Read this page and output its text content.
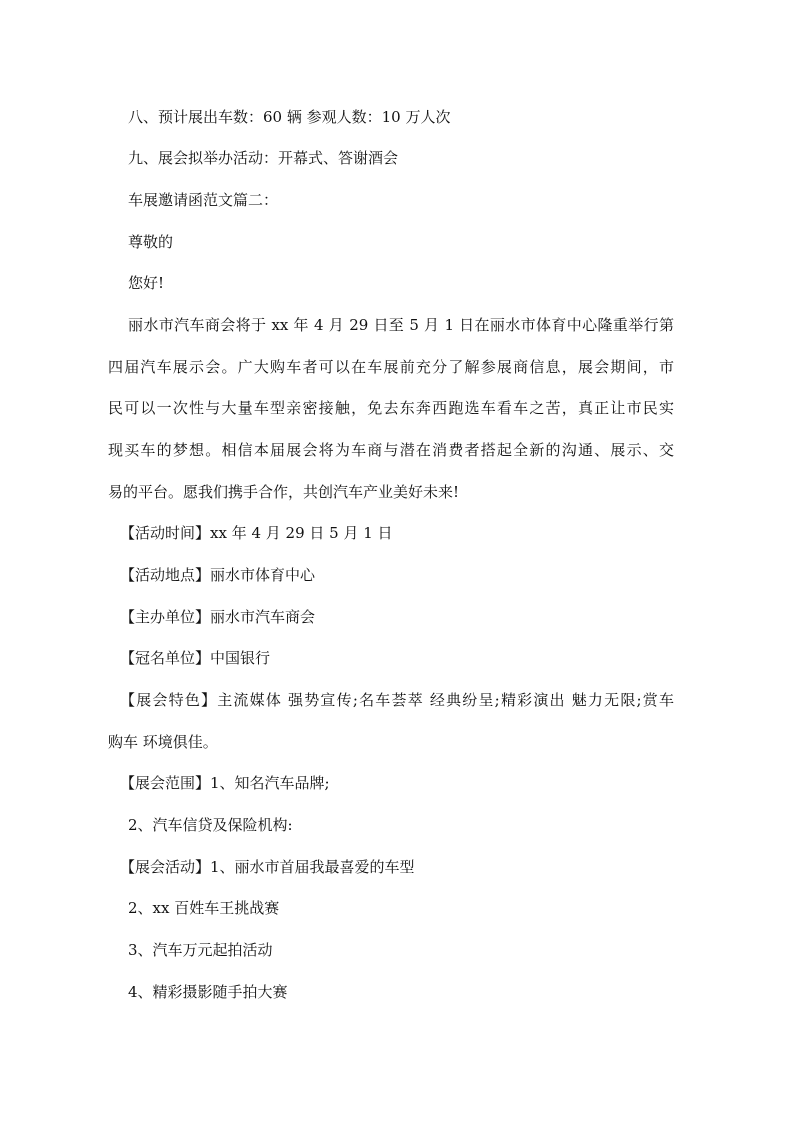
八、预计展出车数：60 辆 参观人数：10 万人次
九、展会拟举办活动：开幕式、答谢酒会
车展邀请函范文篇二：
尊敬的
您好!
丽水市汽车商会将于 xx 年 4 月 29 日至 5 月 1 日在丽水市体育中心隆重举行第
四届汽车展示会。广大购车者可以在车展前充分了解参展商信息，展会期间，市
民可以一次性与大量车型亲密接触，免去东奔西跑选车看车之苦，真正让市民实
现买车的梦想。相信本届展会将为车商与潜在消费者搭起全新的沟通、展示、交
易的平台。愿我们携手合作，共创汽车产业美好未来!
【活动时间】xx 年 4 月 29 日 5 月 1 日
【活动地点】丽水市体育中心
【主办单位】丽水市汽车商会
【冠名单位】中国银行
【展会特色】主流媒体 强势宣传;名车荟萃 经典纷呈;精彩演出 魅力无限;赏车
购车 环境俱佳。
【展会范围】1、知名汽车品牌;
2、汽车信贷及保险机构:
【展会活动】1、丽水市首届我最喜爱的车型
2、xx 百姓车王挑战赛
3、汽车万元起拍活动
4、精彩摄影随手拍大赛
